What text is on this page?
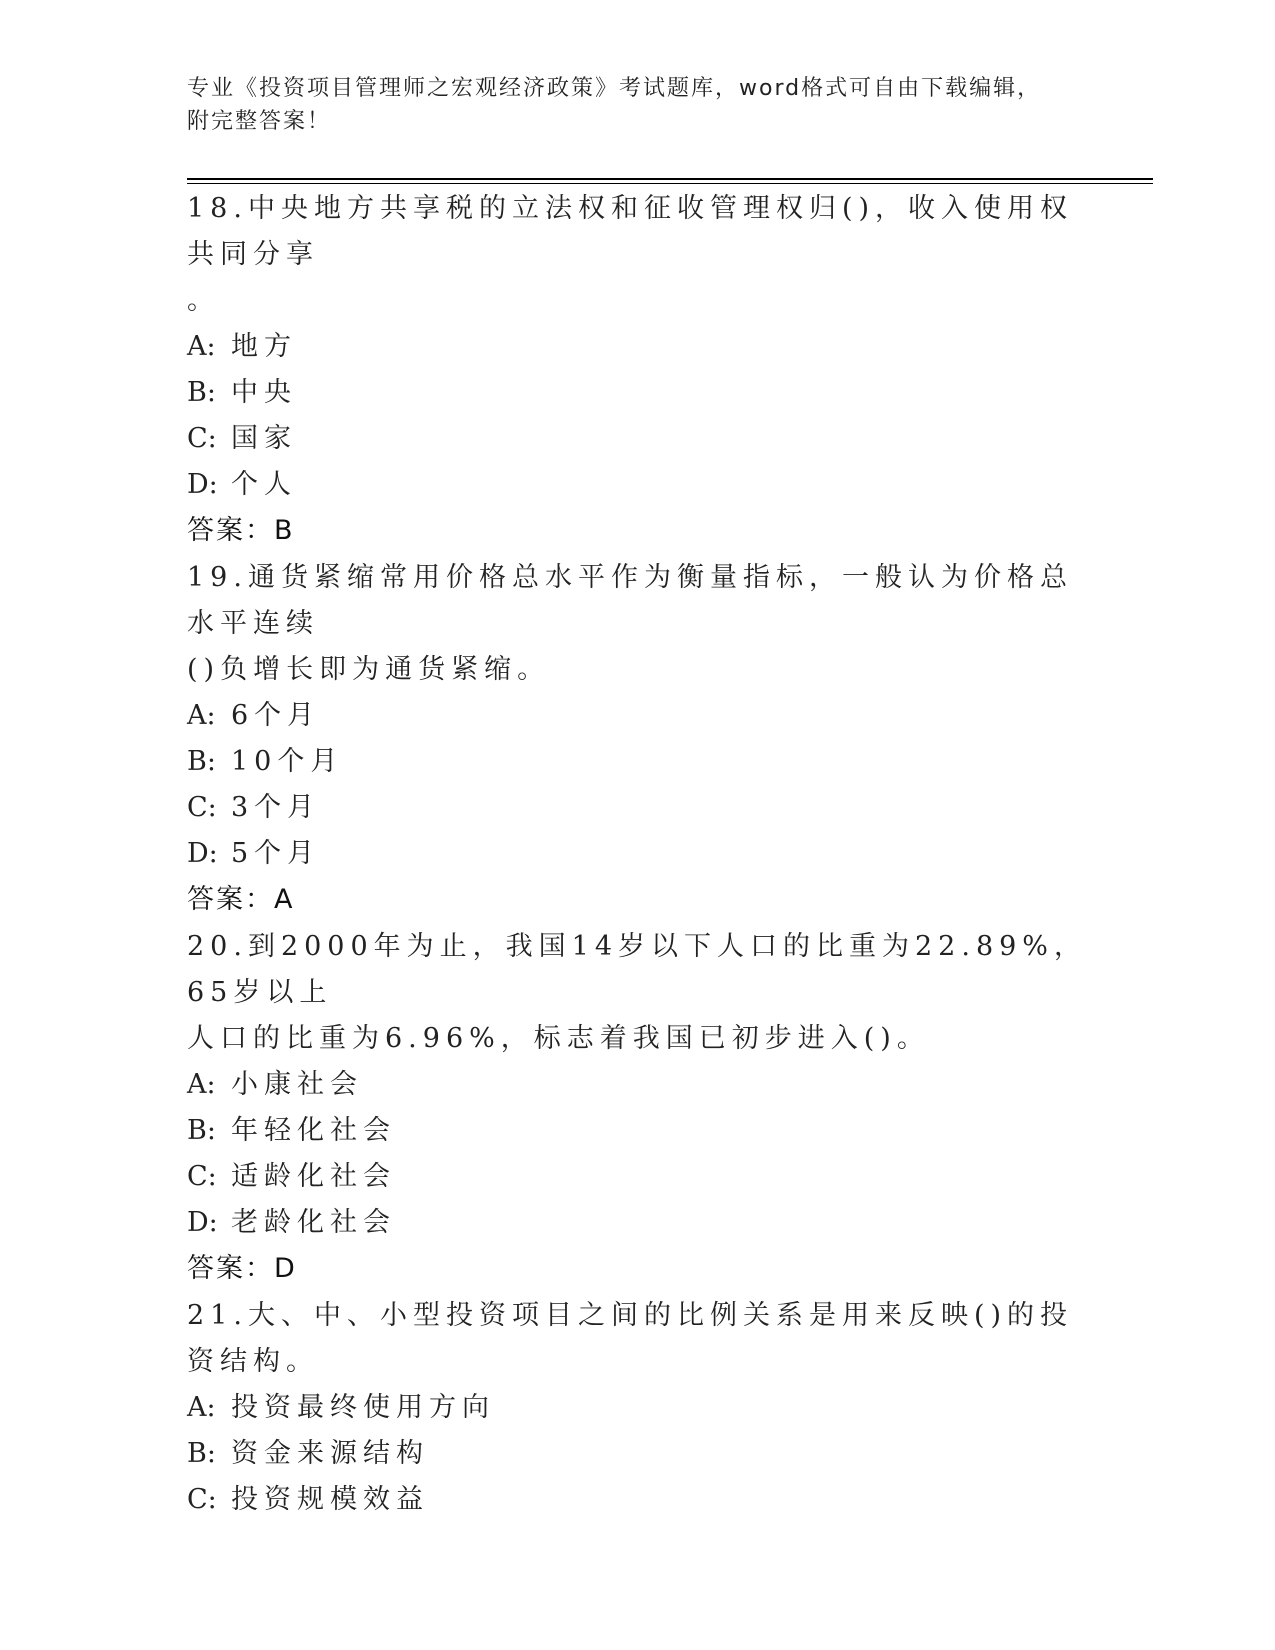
专业《投资项目管理师之宏观经济政策》考试题库，word格式可自由下载编辑，
附完整答案！

18.中央地方共享税的立法权和征收管理权归()，收入使用权共同分享
。

A: 地方

B: 中央

C: 国家

D: 个人

答案：B

19.通货紧缩常用价格总水平作为衡量指标，一般认为价格总水平连续
()负增长即为通货紧缩。

A: 6个月

B: 10个月

C: 3个月

D: 5个月

答案：A

20.到2000年为止，我国14岁以下人口的比重为22.89%，65岁以上
人口的比重为6.96%，标志着我国已初步进入()。

A: 小康社会

B: 年轻化社会

C: 适龄化社会

D: 老龄化社会

答案：D

21.大、中、小型投资项目之间的比例关系是用来反映()的投资结构。

A: 投资最终使用方向

B: 资金来源结构

C: 投资规模效益
